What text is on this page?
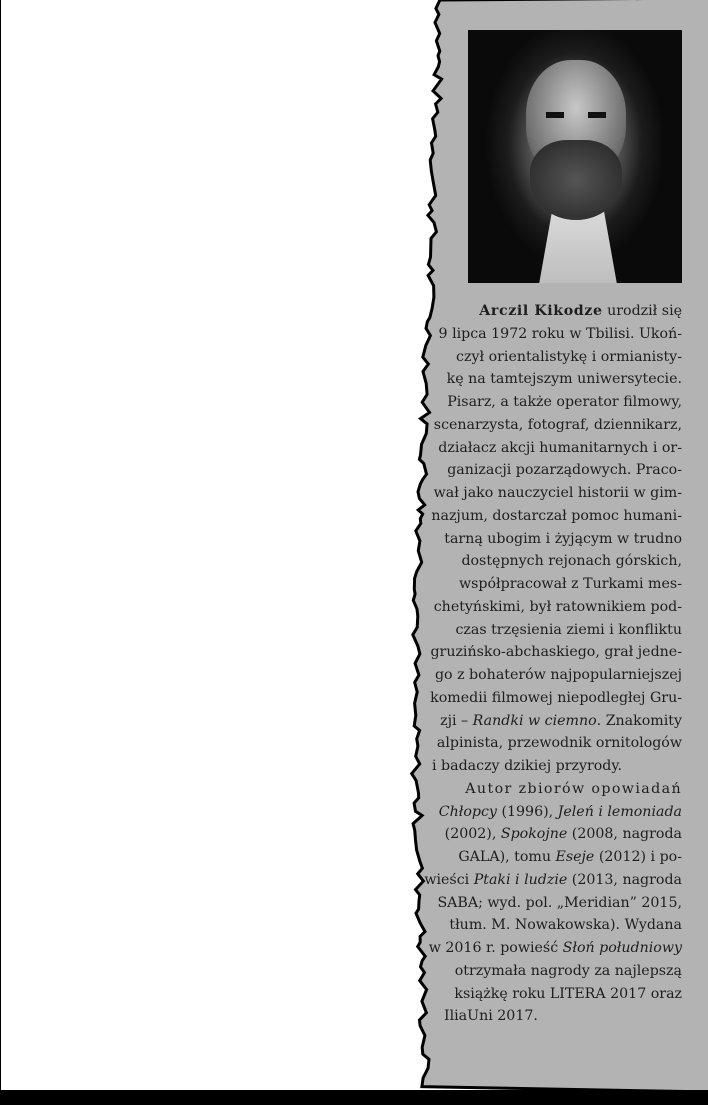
Arczil Kikodze urodził się
9 lipca 1972 roku w Tbilisi. Ukoń-
czył orientalistykę i ormianisty-
kę na tamtejszym uniwersytecie.
Pisarz, a także operator filmowy,
scenarzysta, fotograf, dziennikarz,
działacz akcji humanitarnych i or-
ganizacji pozarządowych. Praco-
wał jako nauczyciel historii w gim-
nazjum, dostarczał pomoc humani-
tarną ubogim i żyjącym w trudno
dostępnych rejonach górskich,
współpracował z Turkami mes-
chetyńskimi, był ratownikiem pod-
czas trzęsienia ziemi i konfliktu
gruzińsko-abchaskiego, grał jedne-
go z bohaterów najpopularniejszej
komedii filmowej niepodległej Gru-
zji – Randki w ciemno. Znakomity
alpinista, przewodnik ornitologów
i badaczy dzikiej przyrody.
Autor zbiorów opowiadań
Chłopcy (1996), Jeleń i lemoniada
(2002), Spokojne (2008, nagroda
GALA), tomu Eseje (2012) i po-
wieści Ptaki i ludzie (2013, nagroda
SABA; wyd. pol. „Meridian” 2015,
tłum. M. Nowakowska). Wydana
w 2016 r. powieść Słoń południowy
otrzymała nagrody za najlepszą
książkę roku LITERA 2017 oraz
IliaUni 2017.
